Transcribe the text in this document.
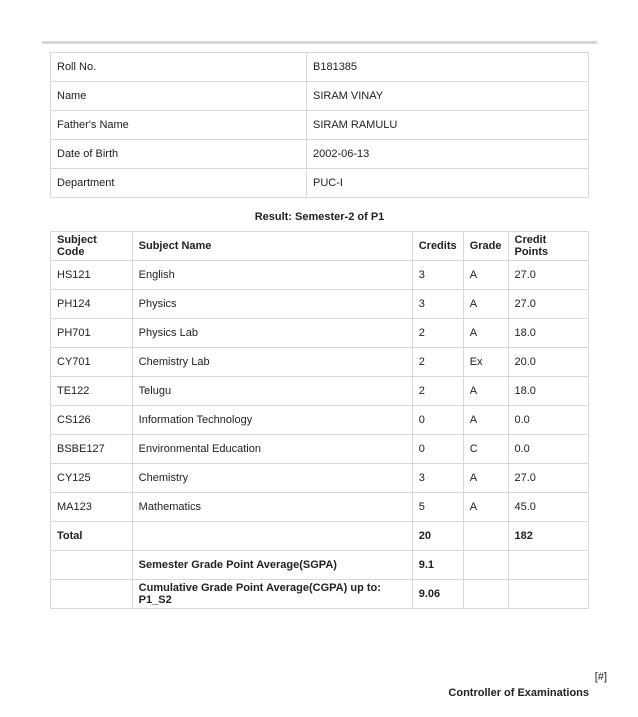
Roll No.	B181385
Name	SIRAM VINAY
Father's Name	SIRAM RAMULU
Date of Birth	2002-06-13
Department	PUC-I
Result: Semester-2 of P1
Subject Code	Subject Name	Credits	Grade	Credit Points
HS121	English	3	A	27.0
PH124	Physics	3	A	27.0
PH701	Physics Lab	2	A	18.0
CY701	Chemistry Lab	2	Ex	20.0
TE122	Telugu	2	A	18.0
CS126	Information Technology	0	A	0.0
BSBE127	Environmental Education	0	C	0.0
CY125	Chemistry	3	A	27.0
MA123	Mathematics	5	A	45.0
Total		20		182
	Semester Grade Point Average(SGPA)	9.1		
	Cumulative Grade Point Average(CGPA) up to: P1_S2	9.06		
[#]
Controller of Examinations
